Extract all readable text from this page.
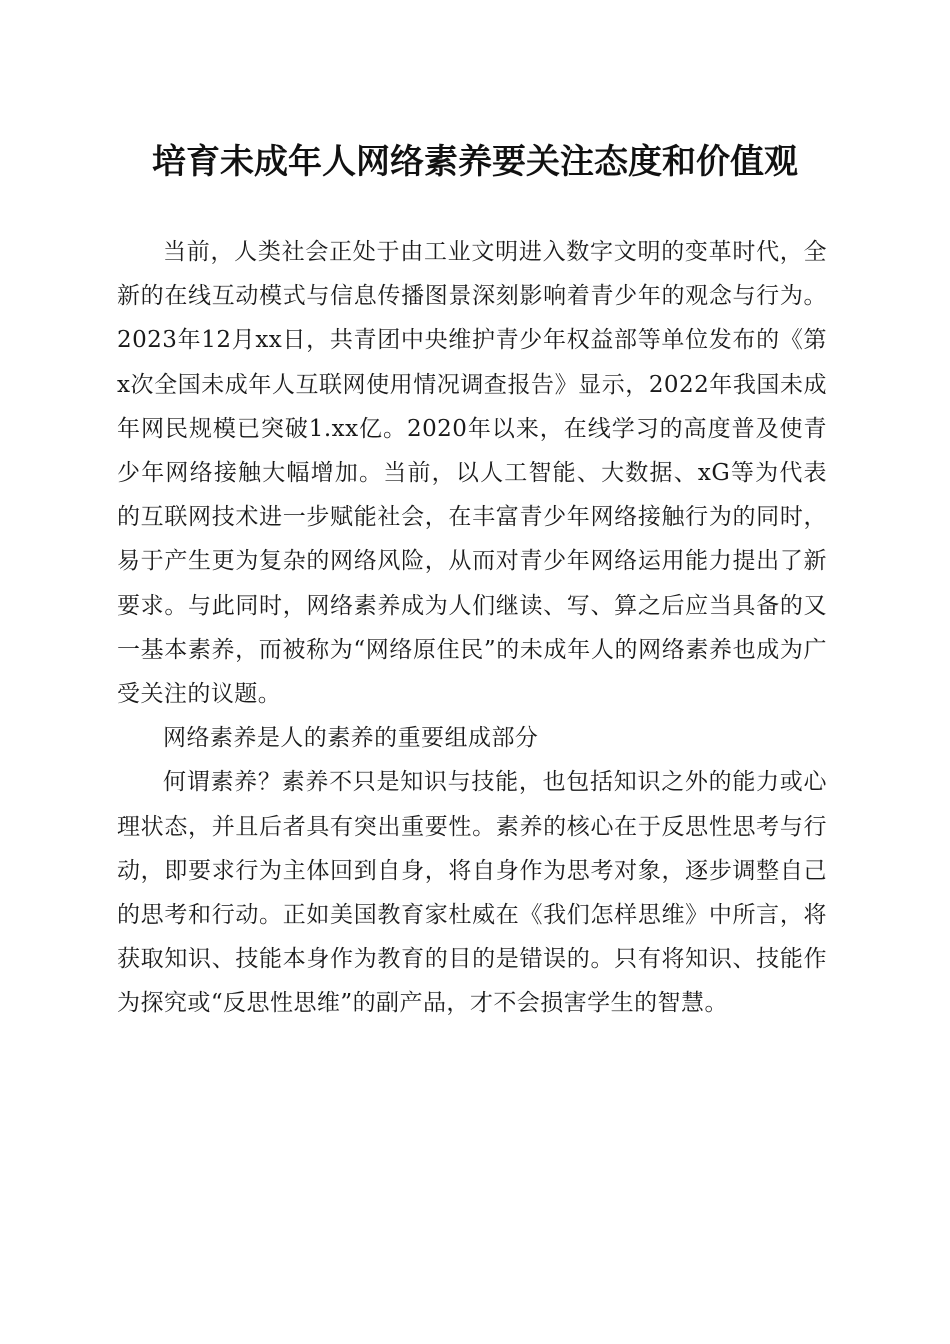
培育未成年人网络素养要关注态度和价值观

当前，人类社会正处于由工业文明进入数字文明的变革时代，全新的在线互动模式与信息传播图景深刻影响着青少年的观念与行为。2023年12月xx日，共青团中央维护青少年权益部等单位发布的《第x次全国未成年人互联网使用情况调查报告》显示，2022年我国未成年网民规模已突破1.xx亿。2020年以来，在线学习的高度普及使青少年网络接触大幅增加。当前，以人工智能、大数据、xG等为代表的互联网技术进一步赋能社会，在丰富青少年网络接触行为的同时，易于产生更为复杂的网络风险，从而对青少年网络运用能力提出了新要求。与此同时，网络素养成为人们继读、写、算之后应当具备的又一基本素养，而被称为“网络原住民”的未成年人的网络素养也成为广受关注的议题。

网络素养是人的素养的重要组成部分

何谓素养？素养不只是知识与技能，也包括知识之外的能力或心理状态，并且后者具有突出重要性。素养的核心在于反思性思考与行动，即要求行为主体回到自身，将自身作为思考对象，逐步调整自己的思考和行动。正如美国教育家杜威在《我们怎样思维》中所言，将获取知识、技能本身作为教育的目的是错误的。只有将知识、技能作为探究或“反思性思维”的副产品，才不会损害学生的智慧。
